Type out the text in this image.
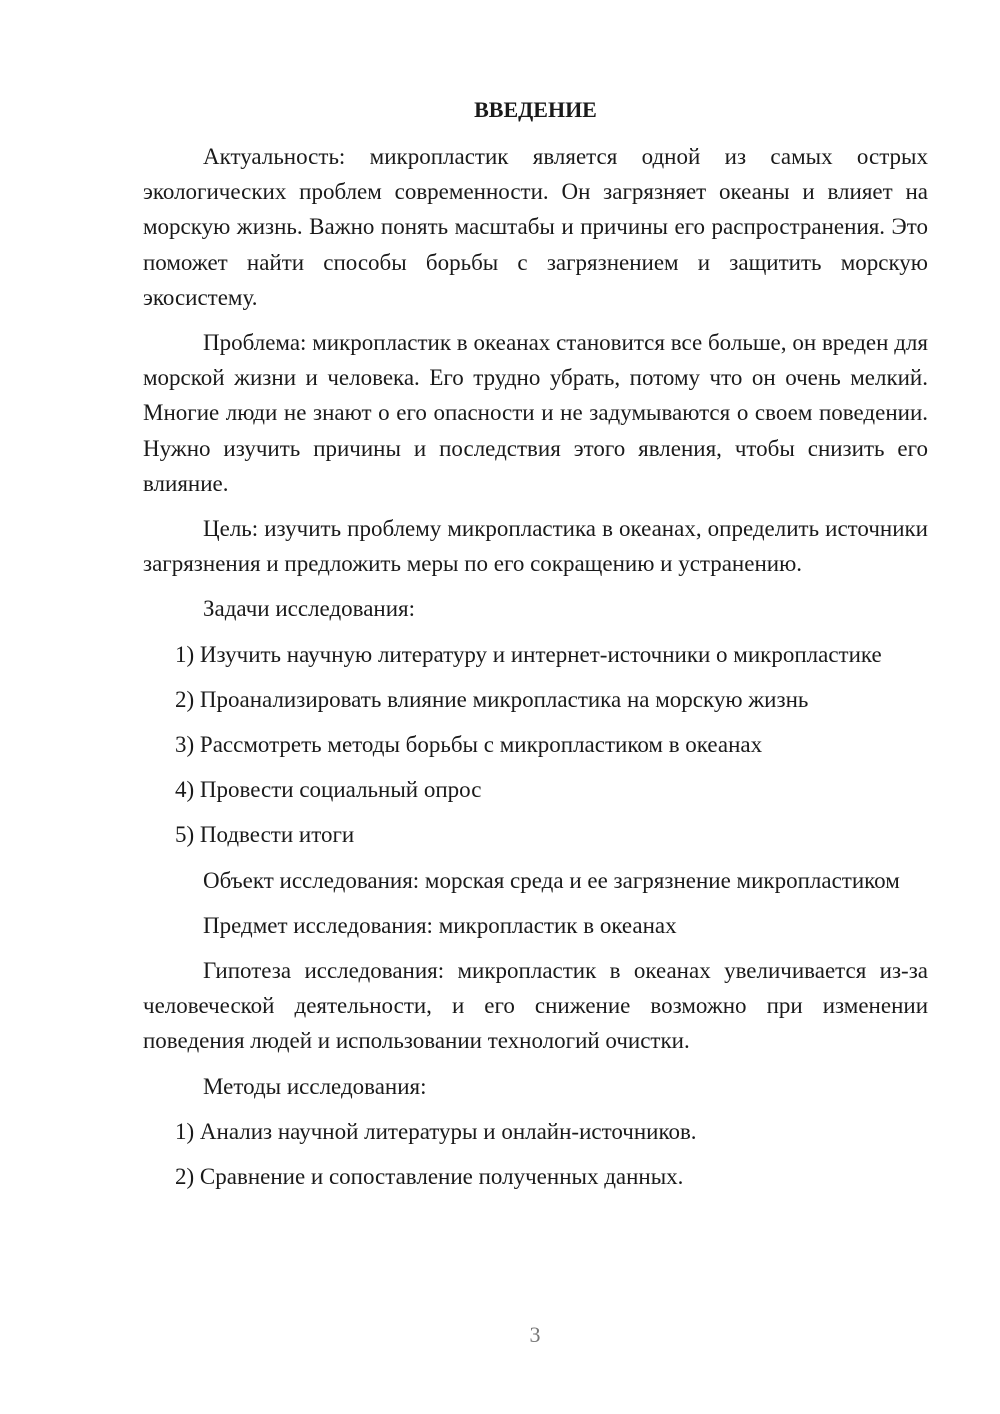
ВВЕДЕНИЕ

Актуальность: микропластик является одной из самых острых экологических проблем современности. Он загрязняет океаны и влияет на морскую жизнь. Важно понять масштабы и причины его распространения. Это поможет найти способы борьбы с загрязнением и защитить морскую экосистему.

Проблема: микропластик в океанах становится все больше, он вреден для морской жизни и человека. Его трудно убрать, потому что он очень мелкий. Многие люди не знают о его опасности и не задумываются о своем поведении. Нужно изучить причины и последствия этого явления, чтобы снизить его влияние.

Цель: изучить проблему микропластика в океанах, определить источники загрязнения и предложить меры по его сокращению и устранению.

Задачи исследования:

1) Изучить научную литературу и интернет-источники о микропластике

2) Проанализировать влияние микропластика на морскую жизнь

3) Рассмотреть методы борьбы с микропластиком в океанах

4) Провести социальный опрос

5) Подвести итоги

Объект исследования: морская среда и ее загрязнение микропластиком

Предмет исследования: микропластик в океанах

Гипотеза исследования: микропластик в океанах увеличивается из-за человеческой деятельности, и его снижение возможно при изменении поведения людей и использовании технологий очистки.

Методы исследования:

1) Анализ научной литературы и онлайн-источников.

2) Сравнение и сопоставление полученных данных.

3
